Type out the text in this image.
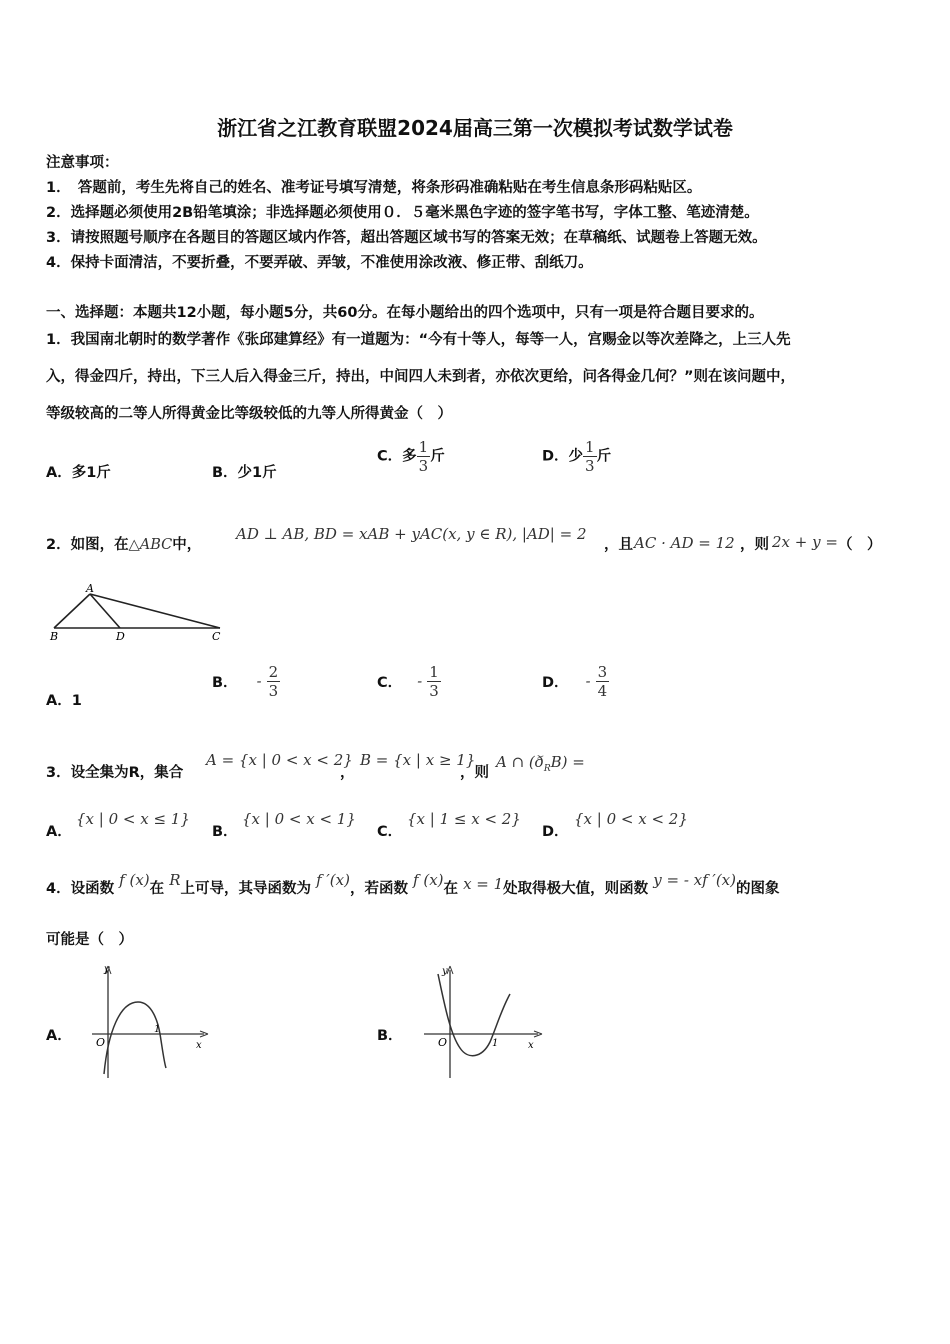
浙江省之江教育联盟2024届高三第一次模拟考试数学试卷
注意事项：
1．　答题前，考生先将自己的姓名、准考证号填写清楚，将条形码准确粘贴在考生信息条形码粘贴区。
2．选择题必须使用2B铅笔填涂；非选择题必须使用０．５毫米黑色字迹的签字笔书写，字体工整、笔迹清楚。
3．请按照题号顺序在各题目的答题区域内作答，超出答题区域书写的答案无效；在草稿纸、试题卷上答题无效。
4．保持卡面清洁，不要折叠，不要弄破、弄皱，不准使用涂改液、修正带、刮纸刀。
一、选择题：本题共12小题，每小题5分，共60分。在每小题给出的四个选项中，只有一项是符合题目要求的。
1．我国南北朝时的数学著作《张邱建算经》有一道题为：“今有十等人，每等一人，宫赐金以等次差降之，上三人先
入，得金四斤，持出，下三人后入得金三斤，持出，中间四人未到者，亦依次更给，问各得金几何？”则在该问题中，
等级较高的二等人所得黄金比等级较低的九等人所得黄金（　）
A．多1斤	B．少1斤
C．多 $\frac{1}{3}$ 斤	D．少 $\frac{1}{3}$ 斤
2．如图，在△ABC中，
AD ⊥ AB, BD = xAB + yAC(x, y ∈ R), |AD| = 2
，且 AC · AD = 12 ，则 2x + y = （　）
A
B	D	C
A．1
B． - $\frac{2}{3}$	C． - $\frac{1}{3}$	D． - $\frac{3}{4}$
3．设全集为R，集合
A = {x | 0 < x < 2}
，
B = {x | x ≥ 1}
，则
A ∩ $(ð_RB)$ =
A．
{x | 0 < x ≤ 1}
B．
{x | 0 < x < 1}
C．
{x | 1 ≤ x < 2}
D．
{x | 0 < x < 2}
4．设函数 f (x)在 R上可导，其导函数为 f ′(x)，若函数 f (x)在 x = 1处取得极大值，则函数 y = - xf ′(x)的图象
可能是（　）
A．
y
x
O
1	B．
y
x
O	1
